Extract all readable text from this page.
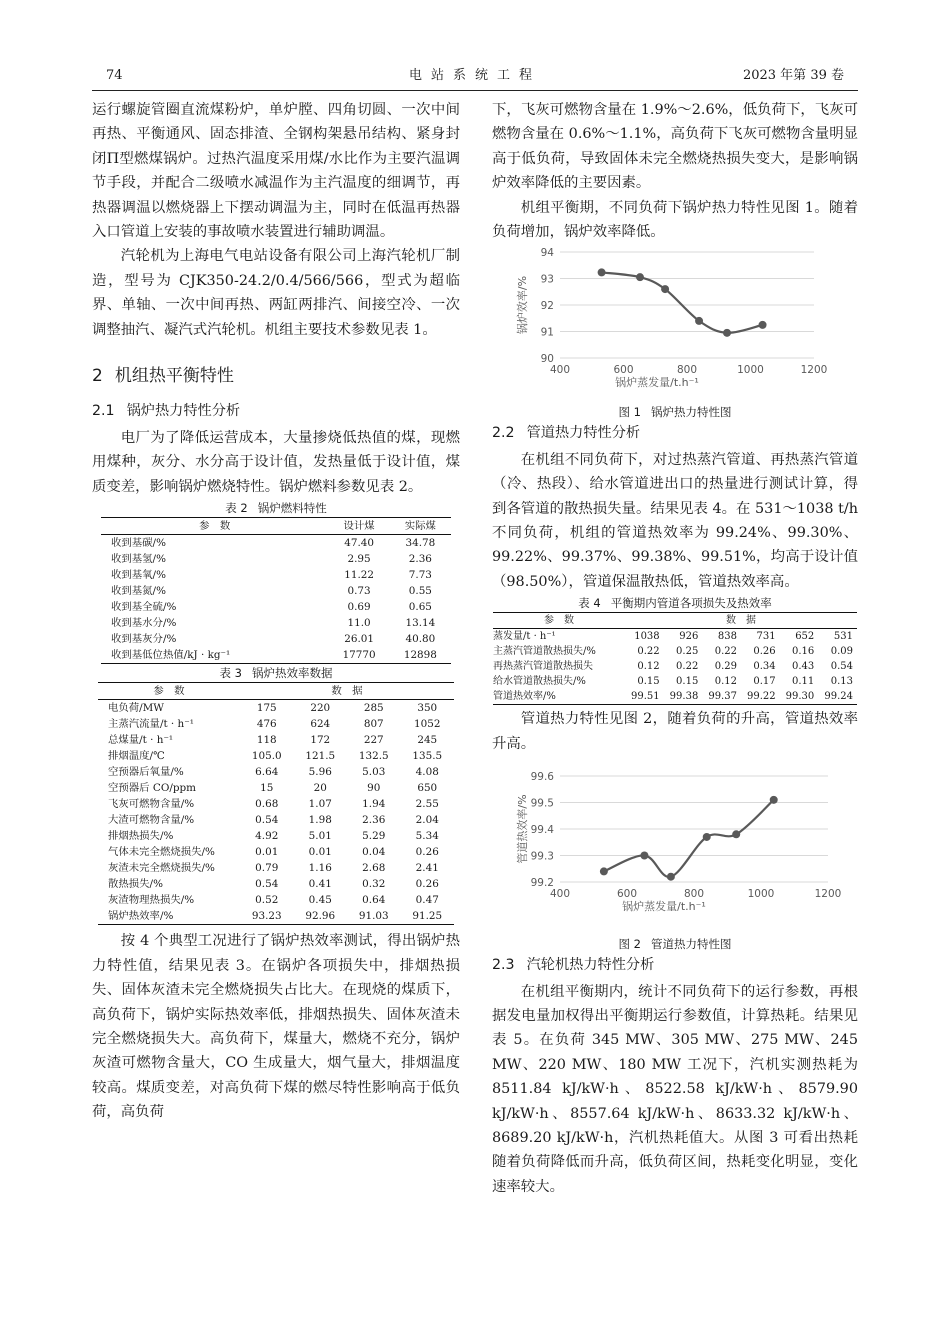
74	电站系统工程	2023 年第 39 卷

运行螺旋管圈直流煤粉炉，单炉膛、四角切圆、一次中间再热、平衡通风、固态排渣、全钢构架悬吊结构、紧身封闭Π型燃煤锅炉。过热汽温度采用煤/水比作为主要汽温调节手段，并配合二级喷水减温作为主汽温度的细调节，再热器调温以燃烧器上下摆动调温为主，同时在低温再热器入口管道上安装的事故喷水装置进行辅助调温。

汽轮机为上海电气电站设备有限公司上海汽轮机厂制造，型号为 CJK350-24.2/0.4/566/566，型式为超临界、单轴、一次中间再热、两缸两排汽、间接空冷、一次调整抽汽、凝汽式汽轮机。机组主要技术参数见表 1。

2 机组热平衡特性
2.1 锅炉热力特性分析

电厂为了降低运营成本，大量掺烧低热值的煤，现燃用煤种，灰分、水分高于设计值，发热量低于设计值，煤质变差，影响锅炉燃烧特性。锅炉燃料参数见表 2。

表 2 锅炉燃料特性
参　数	设计煤	实际煤
收到基碳/%	47.40	34.78
收到基氢/%	2.95	2.36
收到基氧/%	11.22	7.73
收到基氮/%	0.73	0.55
收到基全硫/%	0.69	0.65
收到基水分/%	11.0	13.14
收到基灰分/%	26.01	40.80
收到基低位热值/kJ · kg⁻¹	17770	12898
表 3 锅炉热效率数据
参　数	数　据			
电负荷/MW	175	220	285	350
主蒸汽流量/t · h⁻¹	476	624	807	1052
总煤量/t · h⁻¹	118	172	227	245
排烟温度/℃	105.0	121.5	132.5	135.5
空预器后氧量/%	6.64	5.96	5.03	4.08
空预器后 CO/ppm	15	20	90	650
飞灰可燃物含量/%	0.68	1.07	1.94	2.55
大渣可燃物含量/%	0.54	1.98	2.36	2.04
排烟热损失/%	4.92	5.01	5.29	5.34
气体未完全燃烧损失/%	0.01	0.01	0.04	0.26
灰渣未完全燃烧损失/%	0.79	1.16	2.68	2.41
散热损失/%	0.54	0.41	0.32	0.26
灰渣物理热损失/%	0.52	0.45	0.64	0.47
锅炉热效率/%	93.23	92.96	91.03	91.25

按 4 个典型工况进行了锅炉热效率测试，得出锅炉热力特性值，结果见表 3。在锅炉各项损失中，排烟热损失、固体灰渣未完全燃烧损失占比大。在现烧的煤质下，高负荷下，锅炉实际热效率低，排烟热损失、固体灰渣未完全燃烧损失大。高负荷下，煤量大，燃烧不充分，锅炉灰渣可燃物含量大，CO 生成量大，烟气量大，排烟温度较高。煤质变差，对高负荷下煤的燃尽特性影响高于低负荷，高负荷

下，飞灰可燃物含量在 1.9%～2.6%，低负荷下，飞灰可燃物含量在 0.6%～1.1%，高负荷下飞灰可燃物含量明显高于低负荷，导致固体未完全燃烧热损失变大，是影响锅炉效率降低的主要因素。

机组平衡期，不同负荷下锅炉热力特性见图 1。随着负荷增加，锅炉效率降低。

90
91
92
93
94
400	600	800	1000	1200
锅炉蒸发量/t.h⁻¹
锅炉效率/%
图 1 锅炉热力特性图
2.2 管道热力特性分析

在机组不同负荷下，对过热蒸汽管道、再热蒸汽管道（冷、热段）、给水管道进出口的热量进行测试计算，得到各管道的散热损失量。结果见表 4。在 531～1038 t/h 不同负荷，机组的管道热效率为 99.24%、99.30%、99.22%、99.37%、99.38%、99.51%，均高于设计值（98.50%），管道保温散热低，管道热效率高。

表 4 平衡期内管道各项损失及热效率
参　数	数　据					
蒸发量/t · h⁻¹	1038	926	838	731	652	531
主蒸汽管道散热损失/%	0.22	0.25	0.22	0.26	0.16	0.09
再热蒸汽管道散热损失	0.12	0.22	0.29	0.34	0.43	0.54
给水管道散热损失/%	0.15	0.15	0.12	0.17	0.11	0.13
管道热效率/%	99.51	99.38	99.37	99.22	99.30	99.24

管道热力特性见图 2，随着负荷的升高，管道热效率升高。

99.2
99.3
99.4
99.5
99.6
400	600	800	1000	1200
锅炉蒸发量/t.h⁻¹
管道热效率/%
图 2 管道热力特性图
2.3 汽轮机热力特性分析

在机组平衡期内，统计不同负荷下的运行参数，再根据发电量加权得出平衡期运行参数值，计算热耗。结果见表 5。在负荷 345 MW、305 MW、275 MW、245 MW、220 MW、180 MW 工况下，汽机实测热耗为 8511.84 kJ/kW·h、8522.58 kJ/kW·h、8579.90 kJ/kW·h、8557.64 kJ/kW·h、8633.32 kJ/kW·h、8689.20 kJ/kW·h，汽机热耗值大。从图 3 可看出热耗随着负荷降低而升高，低负荷区间，热耗变化明显，变化速率较大。
